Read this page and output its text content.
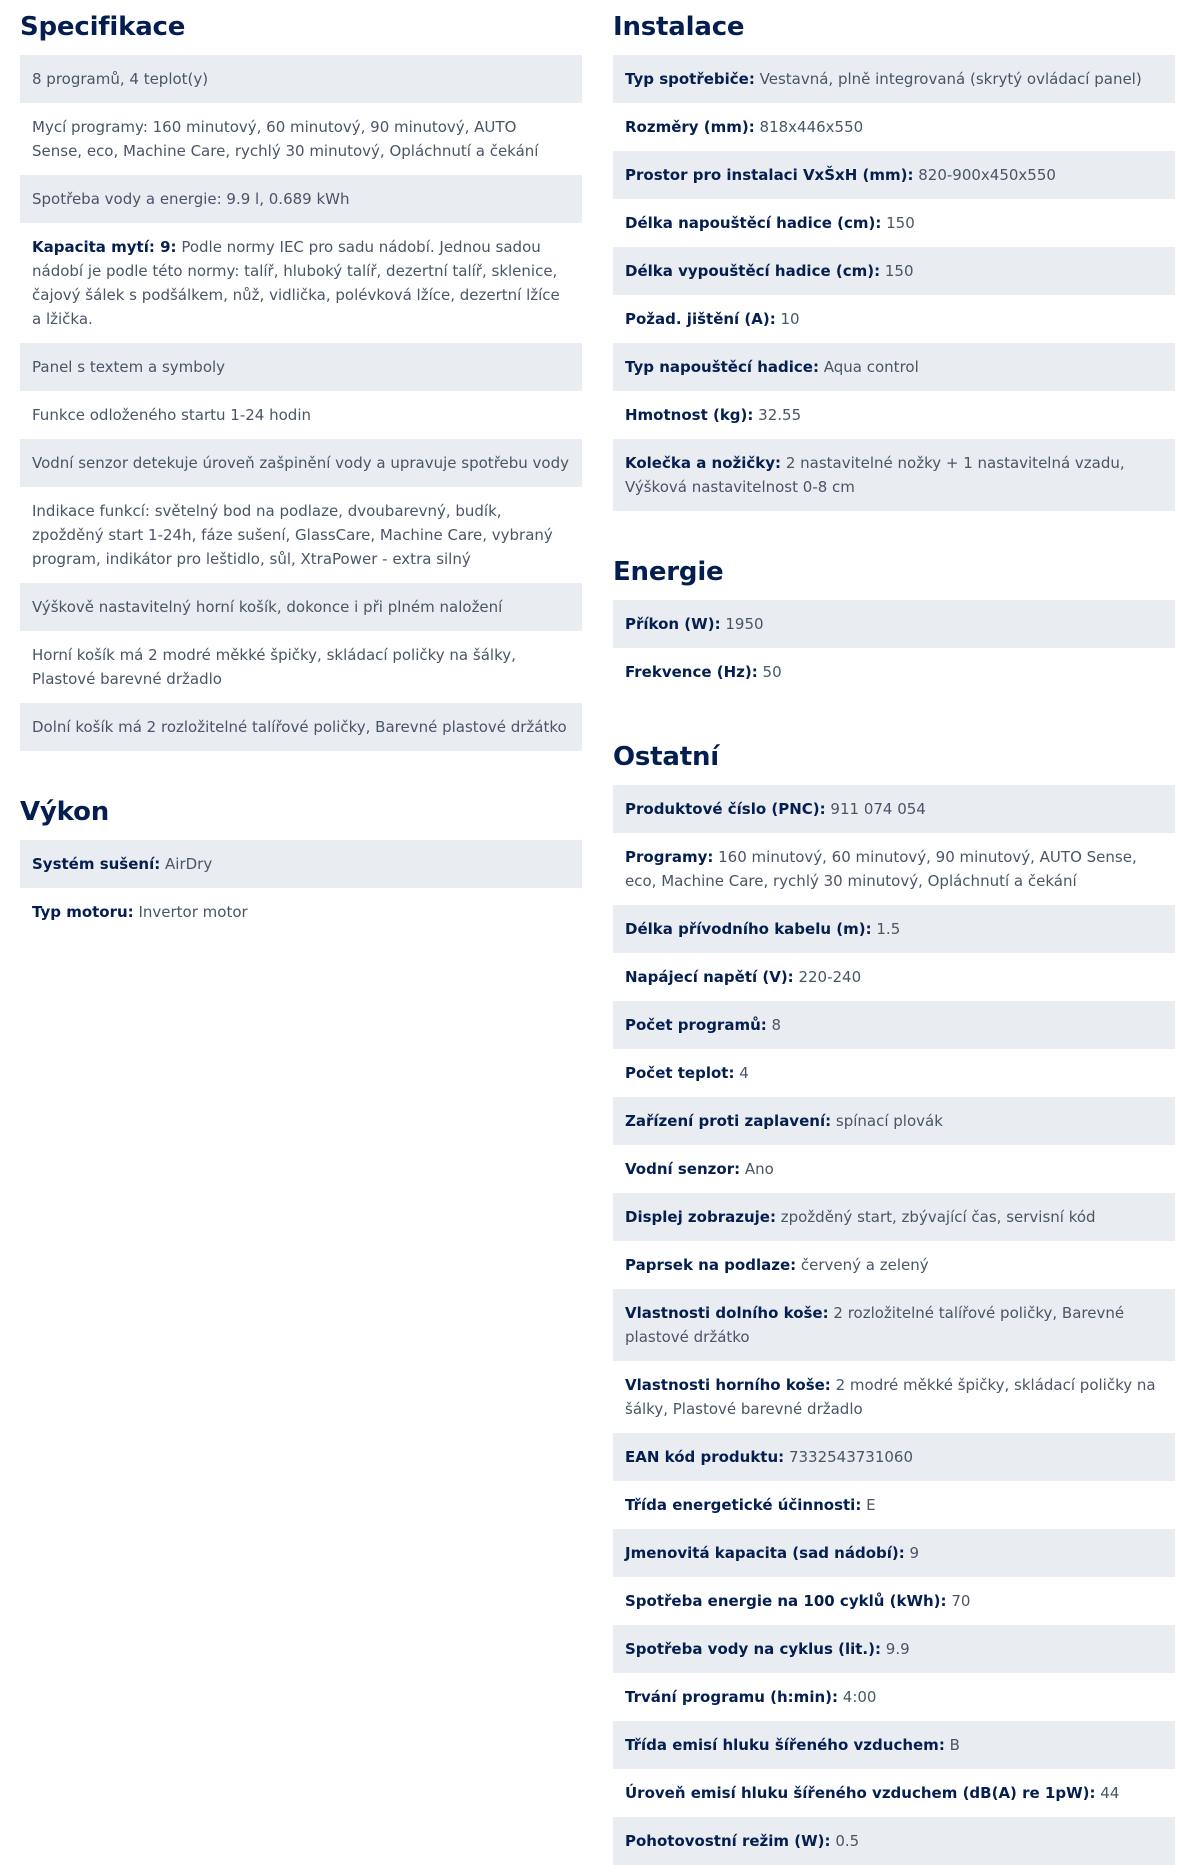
Specifikace
8 programů, 4 teplot(y)
Mycí programy: 160 minutový, 60 minutový, 90 minutový, AUTO Sense, eco, Machine Care, rychlý 30 minutový, Opláchnutí a čekání
Spotřeba vody a energie: 9.9 l, 0.689 kWh
Kapacita mytí: 9: Podle normy IEC pro sadu nádobí. Jednou sadou nádobí je podle této normy: talíř, hluboký talíř, dezertní talíř, sklenice, čajový šálek s podšálkem, nůž, vidlička, polévková lžíce, dezertní lžíce a lžička.
Panel s textem a symboly
Funkce odloženého startu 1-24 hodin
Vodní senzor detekuje úroveň zašpinění vody a upravuje spotřebu vody
Indikace funkcí: světelný bod na podlaze, dvoubarevný, budík, zpožděný start 1-24h, fáze sušení, GlassCare, Machine Care, vybraný program, indikátor pro leštidlo, sůl, XtraPower - extra silný
Výškově nastavitelný horní košík, dokonce i při plném naložení
Horní košík má 2 modré měkké špičky, skládací poličky na šálky, Plastové barevné držadlo
Dolní košík má 2 rozložitelné talířové poličky, Barevné plastové držátko
Výkon
Systém sušení: AirDry
Typ motoru: Invertor motor
Instalace
Typ spotřebiče: Vestavná, plně integrovaná (skrytý ovládací panel)
Rozměry (mm): 818x446x550
Prostor pro instalaci VxŠxH (mm): 820-900x450x550
Délka napouštěcí hadice (cm): 150
Délka vypouštěcí hadice (cm): 150
Požad. jištění (A): 10
Typ napouštěcí hadice: Aqua control
Hmotnost (kg): 32.55
Kolečka a nožičky: 2 nastavitelné nožky + 1 nastavitelná vzadu, Výšková nastavitelnost 0-8 cm
Energie
Příkon (W): 1950
Frekvence (Hz): 50
Ostatní
Produktové číslo (PNC): 911 074 054
Programy: 160 minutový, 60 minutový, 90 minutový, AUTO Sense, eco, Machine Care, rychlý 30 minutový, Opláchnutí a čekání
Délka přívodního kabelu (m): 1.5
Napájecí napětí (V): 220-240
Počet programů: 8
Počet teplot: 4
Zařízení proti zaplavení: spínací plovák
Vodní senzor: Ano
Displej zobrazuje: zpožděný start, zbývající čas, servisní kód
Paprsek na podlaze: červený a zelený
Vlastnosti dolního koše: 2 rozložitelné talířové poličky, Barevné plastové držátko
Vlastnosti horního koše: 2 modré měkké špičky, skládací poličky na šálky, Plastové barevné držadlo
EAN kód produktu: 7332543731060
Třída energetické účinnosti: E
Jmenovitá kapacita (sad nádobí): 9
Spotřeba energie na 100 cyklů (kWh): 70
Spotřeba vody na cyklus (lit.): 9.9
Trvání programu (h:min): 4:00
Třída emisí hluku šířeného vzduchem: B
Úroveň emisí hluku šířeného vzduchem (dB(A) re 1pW): 44
Pohotovostní režim (W): 0.5
